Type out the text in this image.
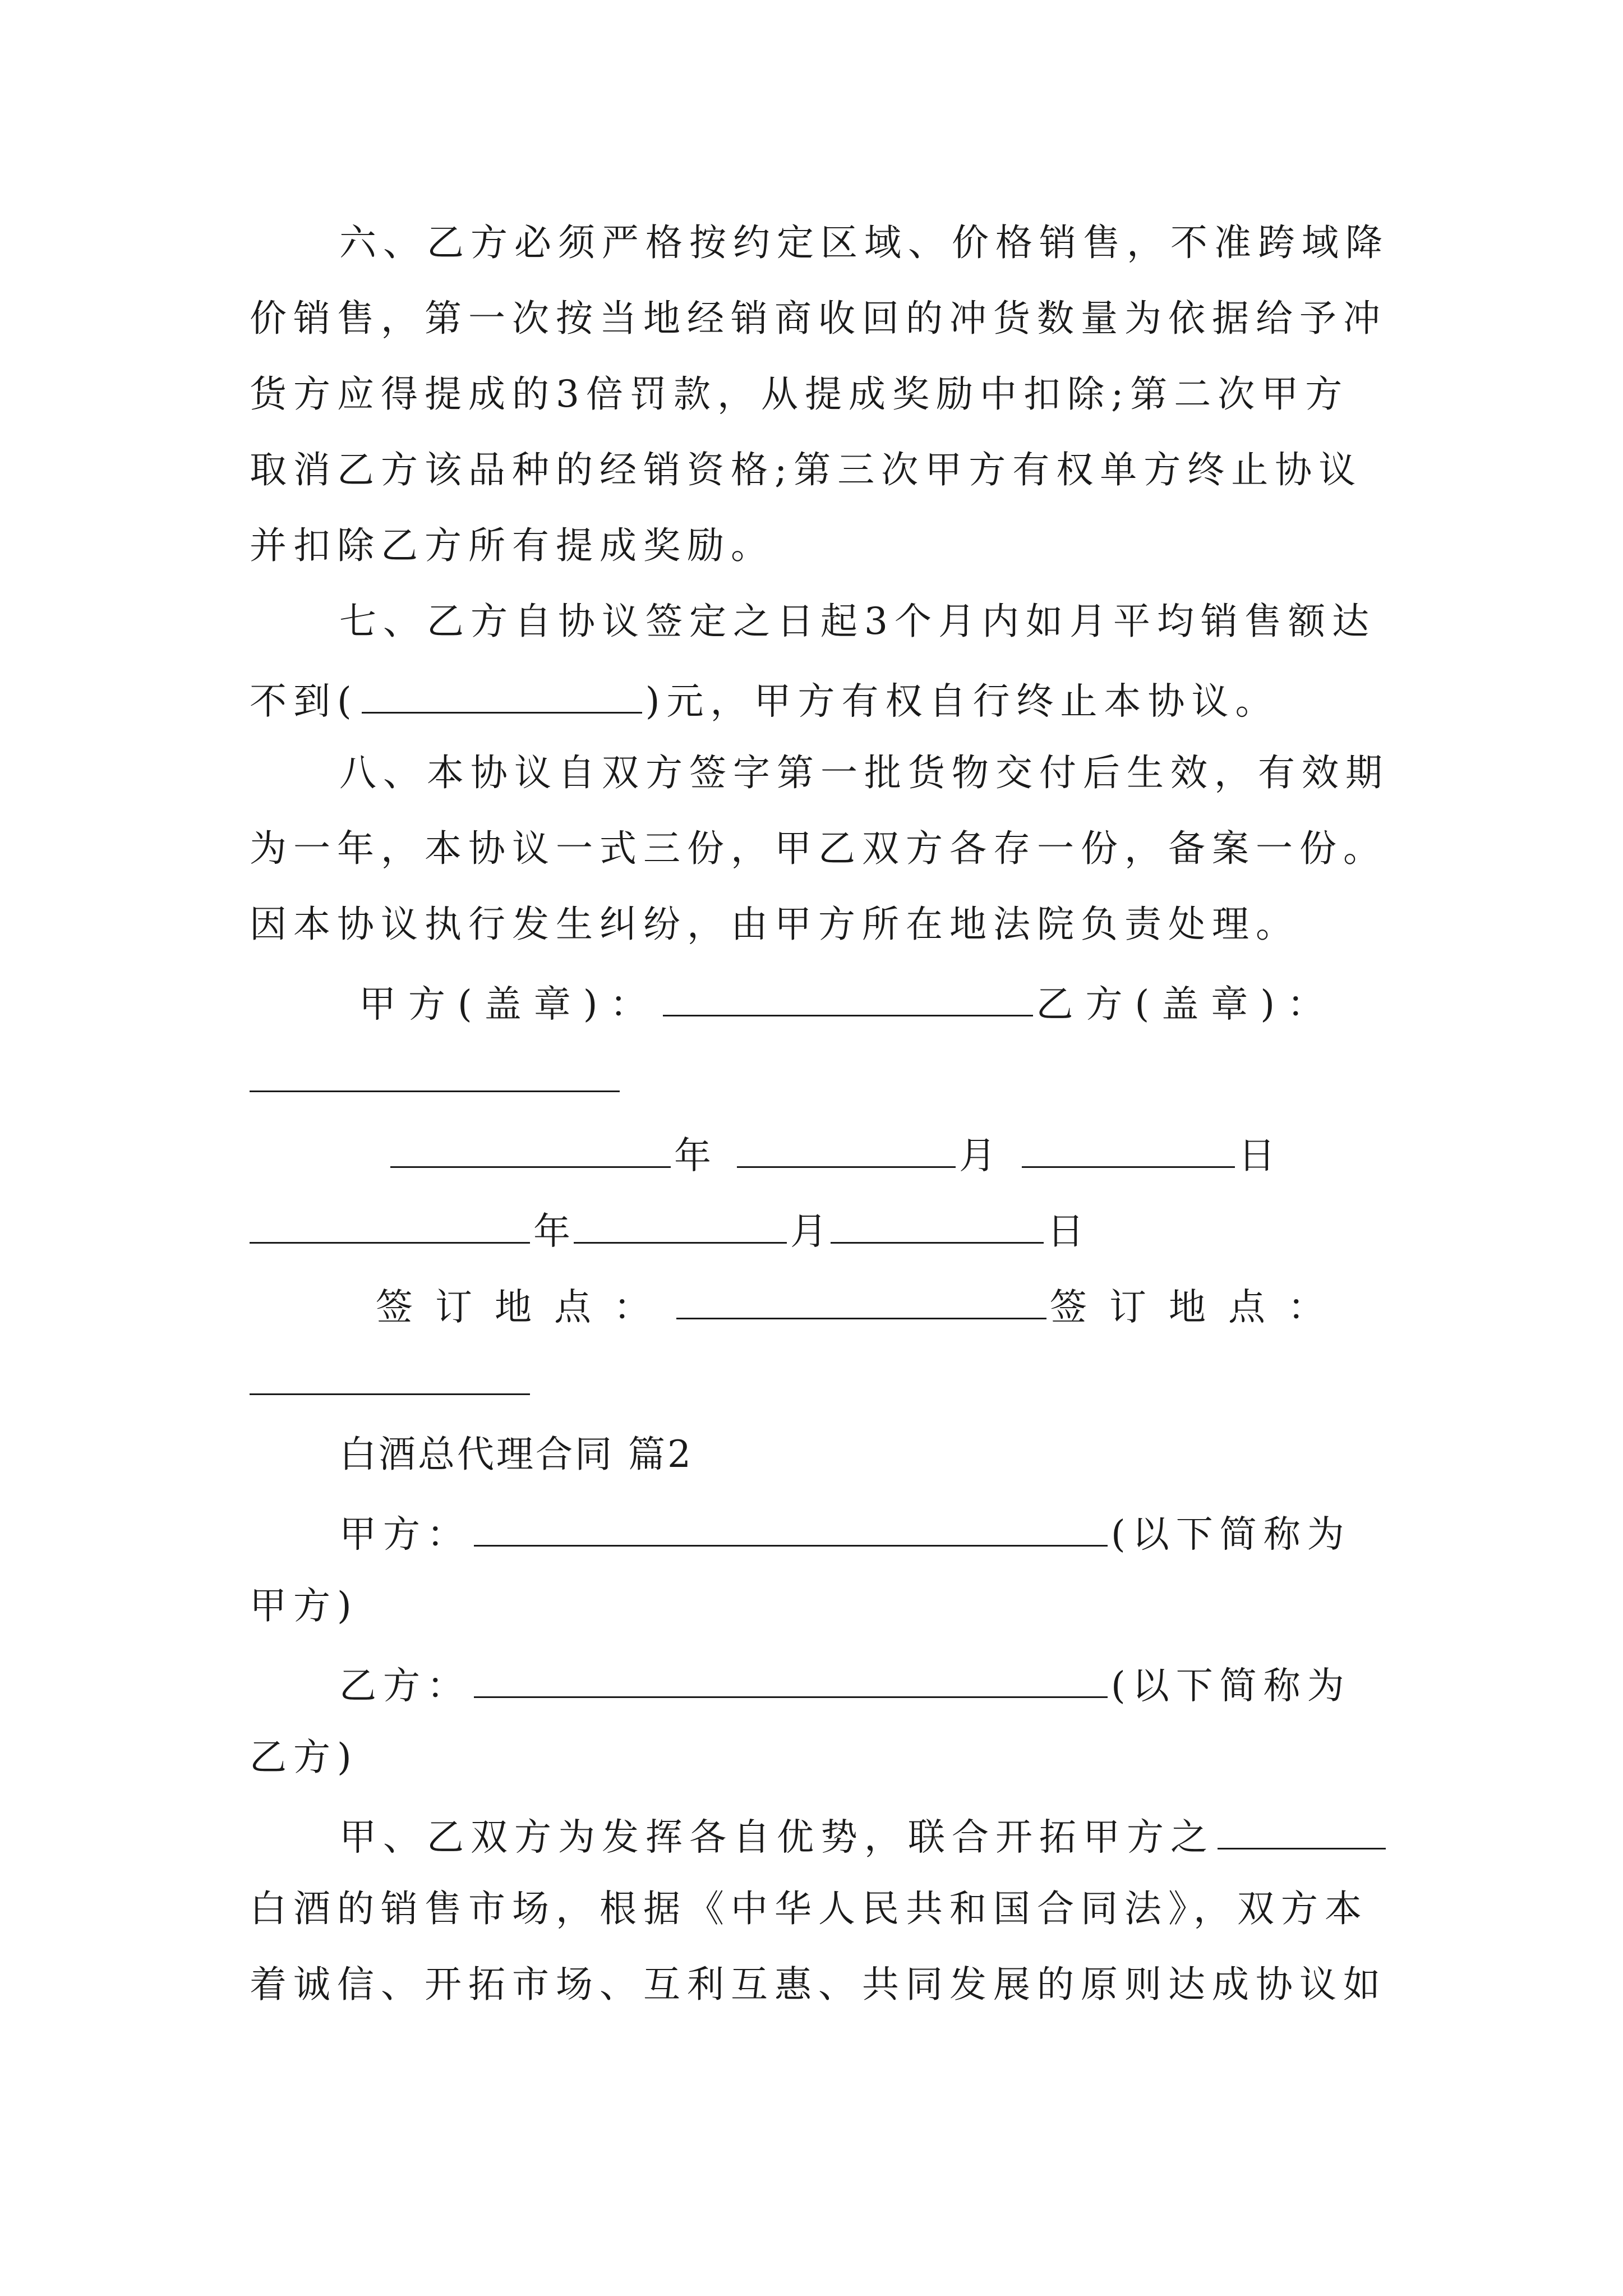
六、乙方必须严格按约定区域、价格销售，不准跨域降
价销售，第一次按当地经销商收回的冲货数量为依据给予冲
货方应得提成的3倍罚款，从提成奖励中扣除;第二次甲方
取消乙方该品种的经销资格;第三次甲方有权单方终止协议
并扣除乙方所有提成奖励。
七、乙方自协议签定之日起3个月内如月平均销售额达
不到(	)元，甲方有权自行终止本协议。
八、本协议自双方签字第一批货物交付后生效，有效期
为一年，本协议一式三份，甲乙双方各存一份，备案一份。
因本协议执行发生纠纷，由甲方所在地法院负责处理。
甲方(盖章)：	乙方(盖章)：
年	月	日
年	月	日
签订地点：	签订地点：
白酒总代理合同 篇2
甲方：	(以下简称为
甲方)
乙方：	(以下简称为
乙方)
甲、乙双方为发挥各自优势，联合开拓甲方之
白酒的销售市场，根据《中华人民共和国合同法》，双方本
着诚信、开拓市场、互利互惠、共同发展的原则达成协议如
